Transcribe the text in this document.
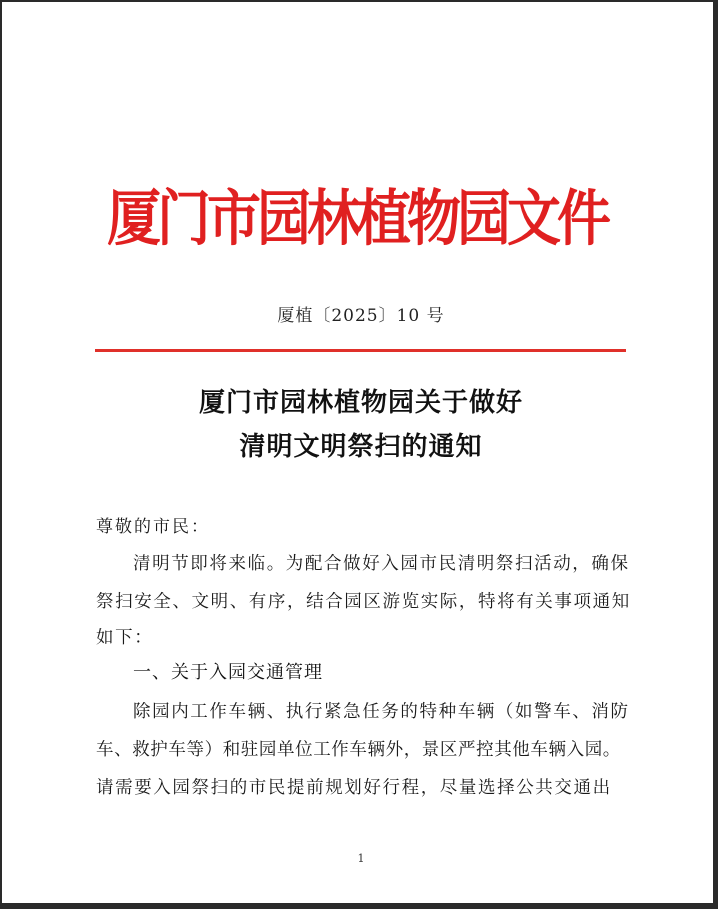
厦门市园林植物园文件
厦植〔2025〕10 号
厦门市园林植物园关于做好
清明文明祭扫的通知
尊敬的市民：
清明节即将来临。为配合做好入园市民清明祭扫活动，确保
祭扫安全、文明、有序，结合园区游览实际，特将有关事项通知
如下：
一、关于入园交通管理
除园内工作车辆、执行紧急任务的特种车辆（如警车、消防
车、救护车等）和驻园单位工作车辆外，景区严控其他车辆入园。
请需要入园祭扫的市民提前规划好行程，尽量选择公共交通出
1
